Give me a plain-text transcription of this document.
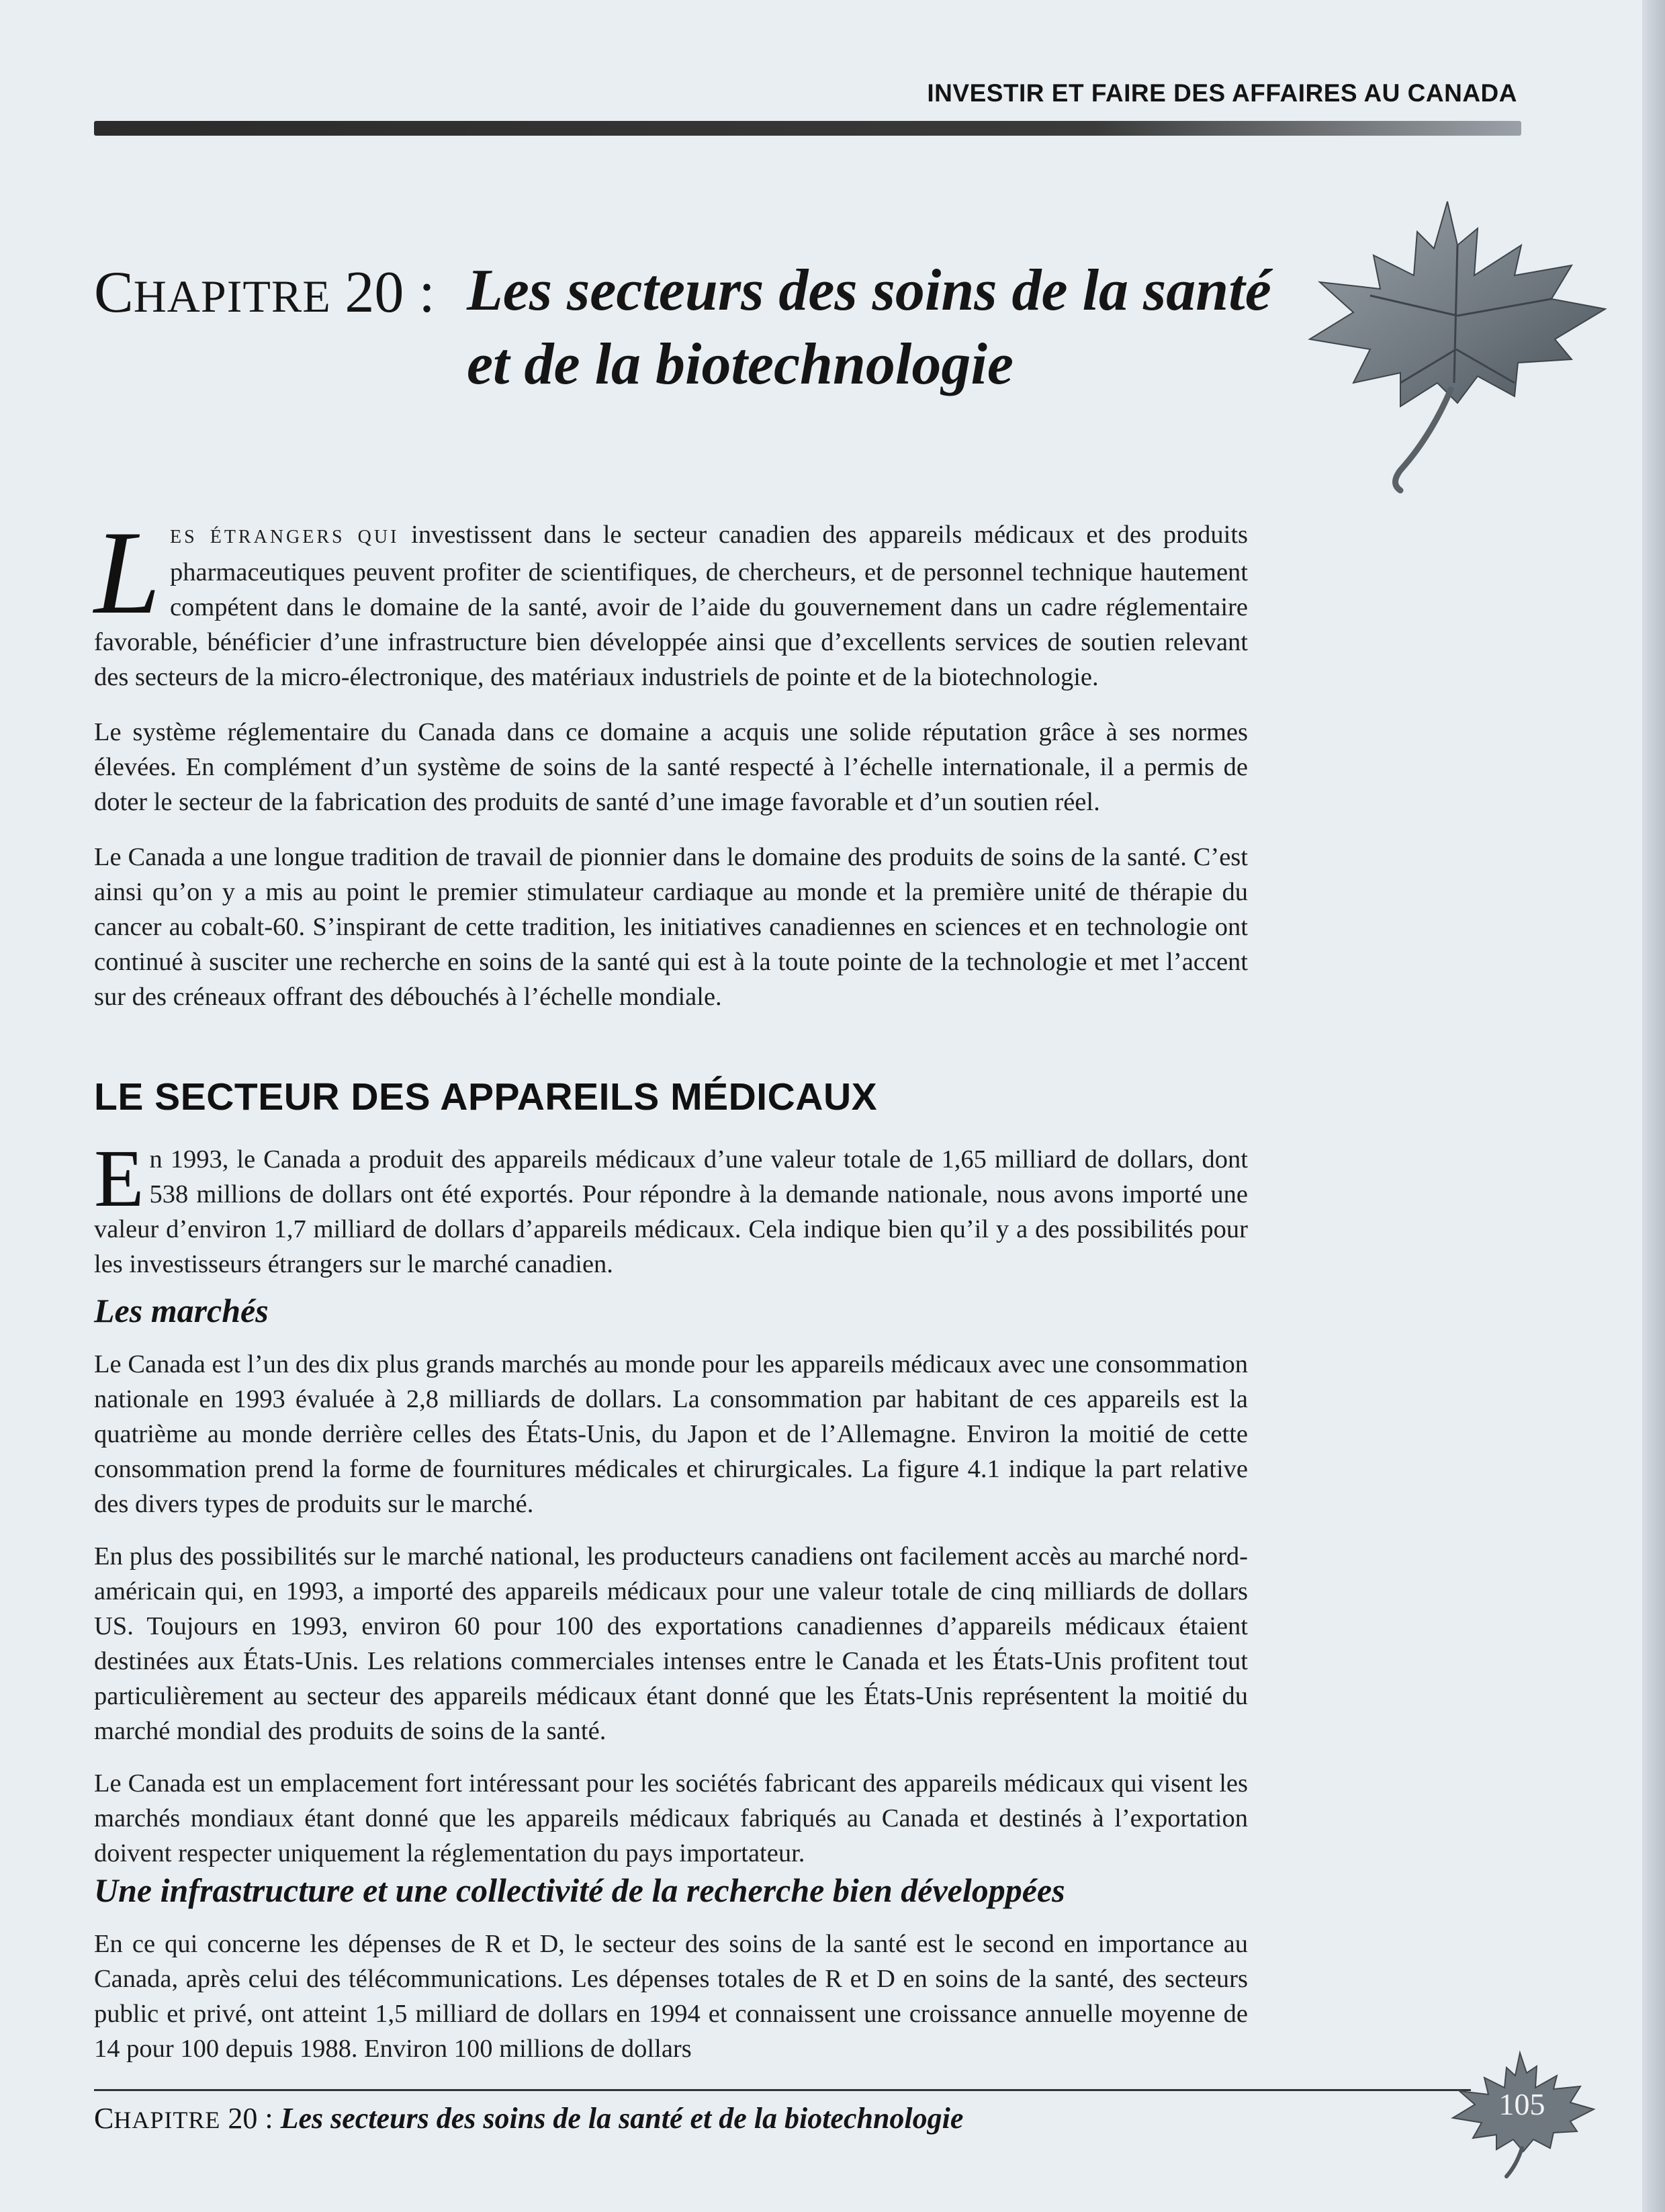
INVESTIR ET FAIRE DES AFFAIRES AU CANADA
CHAPITRE 20 : Les secteurs des soins de la santé et de la biotechnologie

LES ÉTRANGERS QUI investissent dans le secteur canadien des appareils médicaux et des produits pharmaceutiques peuvent profiter de scientifiques, de chercheurs, et de personnel technique hautement compétent dans le domaine de la santé, avoir de l’aide du gouvernement dans un cadre réglementaire favorable, bénéficier d’une infrastructure bien développée ainsi que d’excellents services de soutien relevant des secteurs de la micro-électronique, des matériaux industriels de pointe et de la biotechnologie.

Le système réglementaire du Canada dans ce domaine a acquis une solide réputation grâce à ses normes élevées. En complément d’un système de soins de la santé respecté à l’échelle internationale, il a permis de doter le secteur de la fabrication des produits de santé d’une image favorable et d’un soutien réel.

Le Canada a une longue tradition de travail de pionnier dans le domaine des produits de soins de la santé. C’est ainsi qu’on y a mis au point le premier stimulateur cardiaque au monde et la première unité de thérapie du cancer au cobalt-60. S’inspirant de cette tradition, les initiatives canadiennes en sciences et en technologie ont continué à susciter une recherche en soins de la santé qui est à la toute pointe de la technologie et met l’accent sur des créneaux offrant des débouchés à l’échelle mondiale.

LE SECTEUR DES APPAREILS MÉDICAUX

En 1993, le Canada a produit des appareils médicaux d’une valeur totale de 1,65 milliard de dollars, dont 538 millions de dollars ont été exportés. Pour répondre à la demande nationale, nous avons importé une valeur d’environ 1,7 milliard de dollars d’appareils médicaux. Cela indique bien qu’il y a des possibilités pour les investisseurs étrangers sur le marché canadien.

Les marchés

Le Canada est l’un des dix plus grands marchés au monde pour les appareils médicaux avec une consommation nationale en 1993 évaluée à 2,8 milliards de dollars. La consommation par habitant de ces appareils est la quatrième au monde derrière celles des États-Unis, du Japon et de l’Allemagne. Environ la moitié de cette consommation prend la forme de fournitures médicales et chirurgicales. La figure 4.1 indique la part relative des divers types de produits sur le marché.

En plus des possibilités sur le marché national, les producteurs canadiens ont facilement accès au marché nord-américain qui, en 1993, a importé des appareils médicaux pour une valeur totale de cinq milliards de dollars US. Toujours en 1993, environ 60 pour 100 des exportations canadiennes d’appareils médicaux étaient destinées aux États-Unis. Les relations commerciales intenses entre le Canada et les États-Unis profitent tout particulièrement au secteur des appareils médicaux étant donné que les États-Unis représentent la moitié du marché mondial des produits de soins de la santé.

Le Canada est un emplacement fort intéressant pour les sociétés fabricant des appareils médicaux qui visent les marchés mondiaux étant donné que les appareils médicaux fabriqués au Canada et destinés à l’exportation doivent respecter uniquement la réglementation du pays importateur.

Une infrastructure et une collectivité de la recherche bien développées

En ce qui concerne les dépenses de R et D, le secteur des soins de la santé est le second en importance au Canada, après celui des télécommunications. Les dépenses totales de R et D en soins de la santé, des secteurs public et privé, ont atteint 1,5 milliard de dollars en 1994 et connaissent une croissance annuelle moyenne de 14 pour 100 depuis 1988. Environ 100 millions de dollars

CHAPITRE 20 : Les secteurs des soins de la santé et de la biotechnologie	105
